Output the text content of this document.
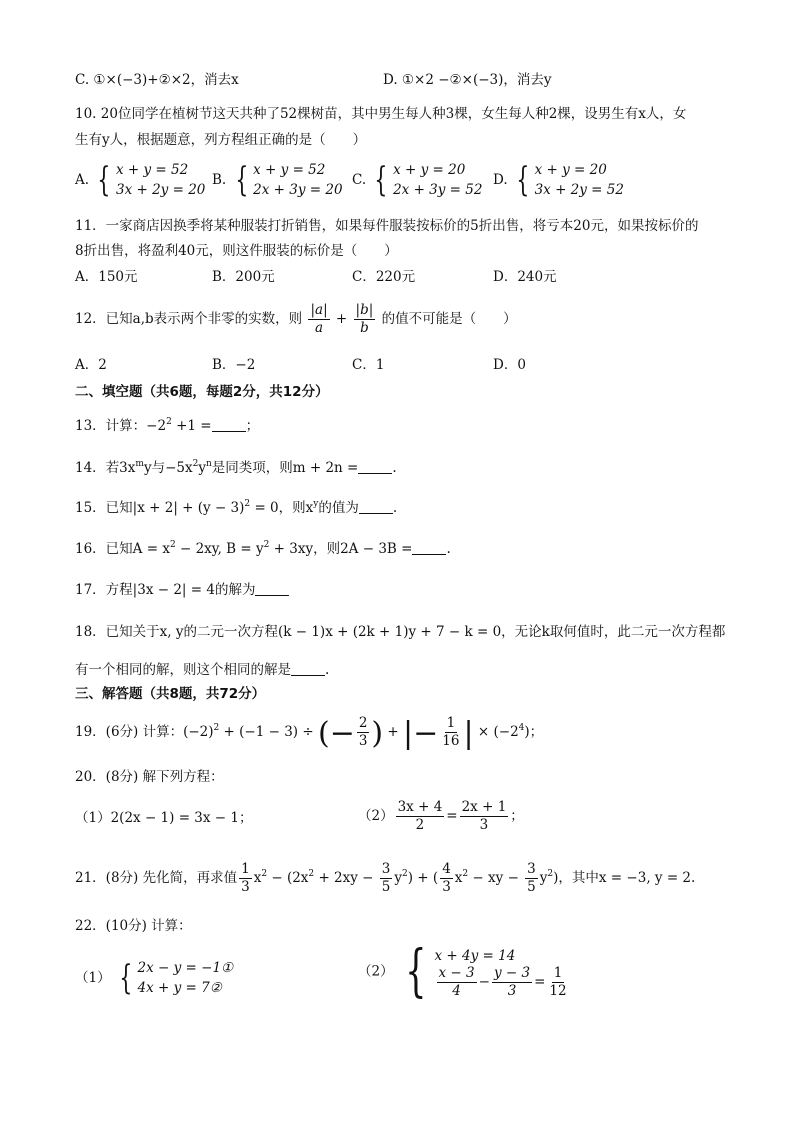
C. ①×(−3)+②×2，消去x	D. ①×2 −②×(−3)，消去y
10. 20位同学在植树节这天共种了52棵树苗，其中男生每人种3棵，女生每人种2棵，设男生有x人，女
生有y人，根据题意，列方程组正确的是（　　）
A. { x + y = 52
3x + 2y = 20
B. { x + y = 52
2x + 3y = 20
C. { x + y = 20
2x + 3y = 52
D. { x + y = 20
3x + 2y = 52
11．一家商店因换季将某种服装打折销售，如果每件服装按标价的5折出售，将亏本20元，如果按标价的
8折出售，将盈利40元，则这件服装的标价是（　　）
A．150元	B．200元	C．220元	D．240元
12．已知a,b表示两个非零的实数，则 $\frac{|a|}{a} + \frac{|b|}{b}$ 的值不可能是（　　）
A．2	B．−2	C．1	D．0
二、填空题（共6题，每题2分，共12分）
13．计算：$-2^2 +1$ =	；
14．若$3x^my$与$-5x^2y^n$是同类项，则m + 2n =	.
15．已知$|x + 2| + (y - 3)^2 = 0$，则$x^y$的值为	.
16．已知$A = x^2 - 2xy$, $B = y^2 + 3xy$，则2A − 3B =	.
17．方程|3x − 2| = 4的解为
18．已知关于x, y的二元一次方程(k − 1)x + (2k + 1)y + 7 − k = 0，无论k取何值时，此二元一次方程都
有一个相同的解，则这个相同的解是	.
三、解答题（共8题，共72分）
19．(6分) 计算：$(-2)^2 + (-1 - 3)$ ÷ (− $\frac{2}{3}$ ) + |− $\frac{1}{16}$ | × $(-2^4)$；
20．(8分) 解下列方程：
（1）2(2x − 1) = 3x − 1；	$(2) \frac{3x + 4}{2} = \frac{2x + 1}{3}$ ；
21．(8分) 先化简，再求值 $\frac{1}{3} x^2 - (2x^2 + 2xy - \frac{3}{5} y^2)$ + ( $\frac{4}{3} x^2$ − xy − $\frac{3}{5} y^2$)，其中x = −3, y = 2.
22．(10分) 计算：
（1） { 2x − y = −1①
4x + y = 7②
（2） { x + 4y = 14
$\frac{x - 3}{4} - \frac{y - 3}{3} = \frac{1}{12}$
